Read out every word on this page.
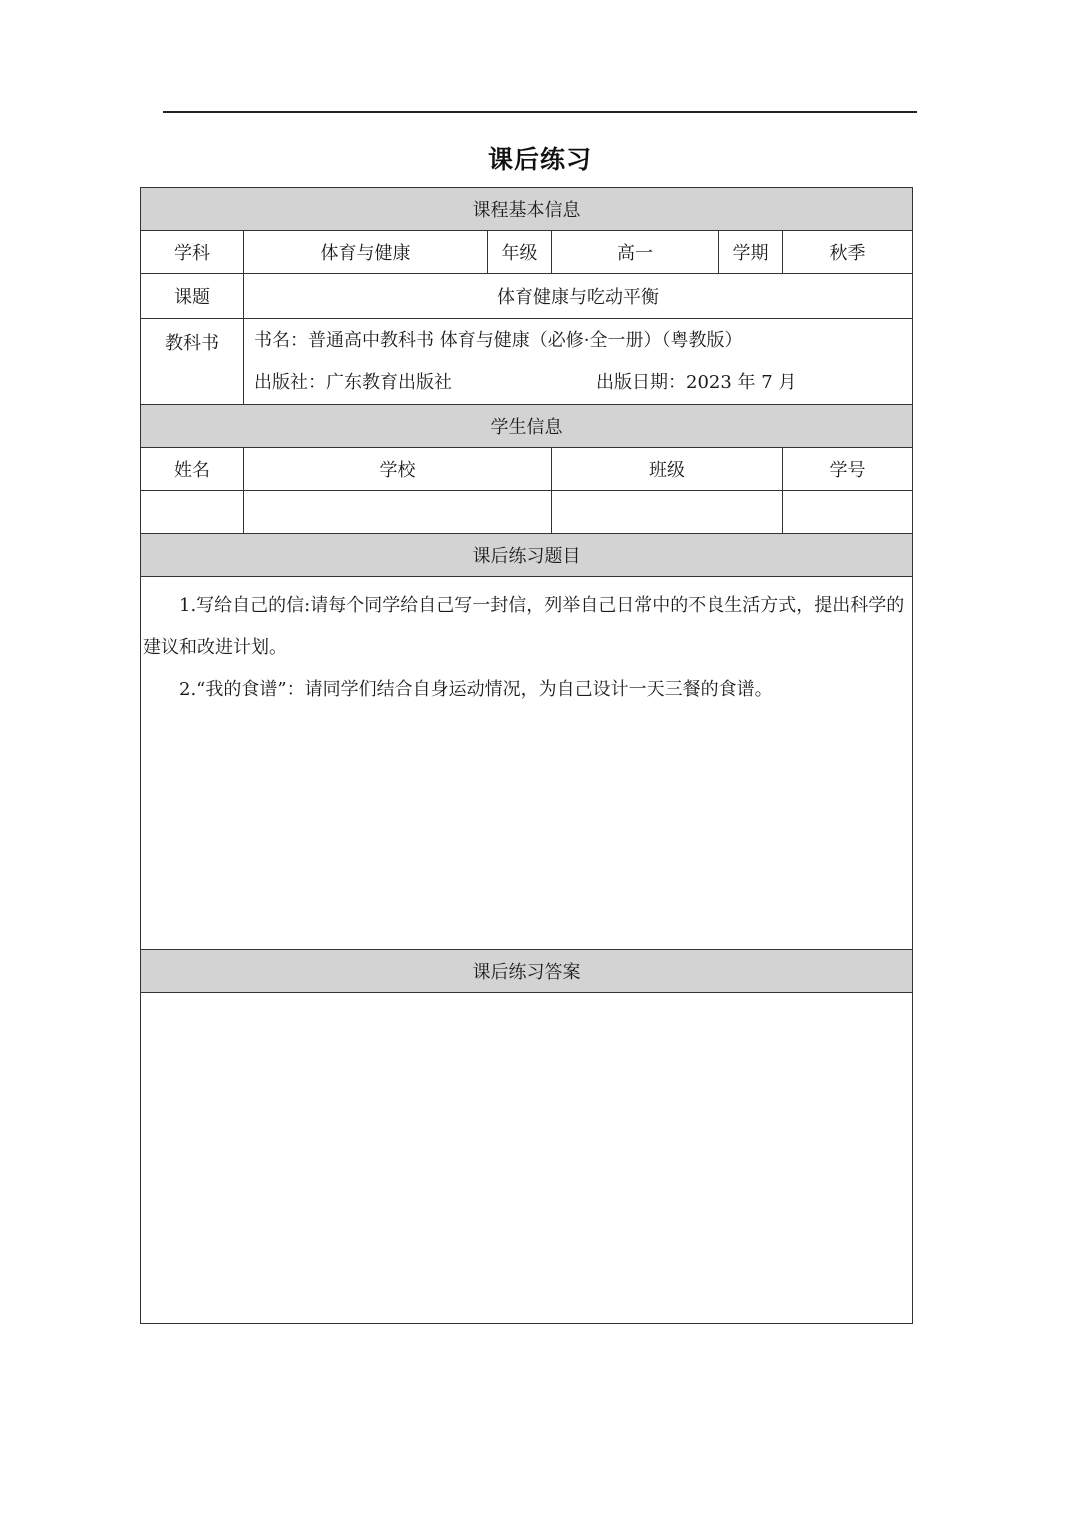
课后练习
课程基本信息					
学科	体育与健康	年级	高一	学期	秋季
课题	体育健康与吃动平衡				
教科书	书名：普通高中教科书 体育与健康（必修·全一册）（粤教版）
出版社：广东教育出版社 出版日期：2023 年 7 月				

学生信息					
姓名	学校		班级		学号

课后练习题目					

1.写给自己的信:请每个同学给自己写一封信，列举自己日常中的不良生活方式，提出科学的建议和改进计划。

2.“我的食谱”：请同学们结合自身运动情况，为自己设计一天三餐的食谱。					

课后练习答案					
